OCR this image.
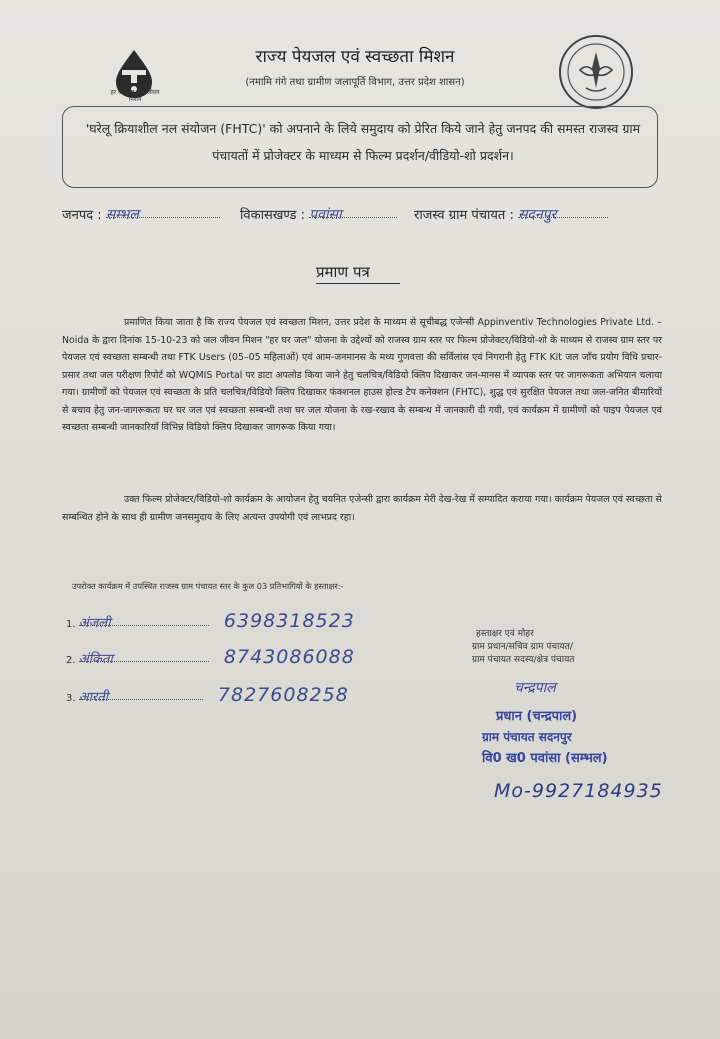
हर घर जल जल जीवन मिशन
राज्य पेयजल एवं स्वच्छता मिशन
(नमामि गंगे तथा ग्रामीण जलापूर्ति विभाग, उत्तर प्रदेश शासन)
'घरेलू क्रियाशील नल संयोजन (FHTC)' को अपनाने के लिये समुदाय को प्रेरित किये जाने हेतु जनपद की समस्त राजस्व ग्राम पंचायतों में प्रोजेक्टर के माध्यम से फिल्म प्रदर्शन/वीडियो-शो प्रदर्शन।
जनपद : सम्भल	विकासखण्ड : पवांसा	राजस्व ग्राम पंचायत : सदनपुर
प्रमाण पत्र
प्रमाणित किया जाता है कि राज्य पेयजल एवं स्वच्छता मिशन, उत्तर प्रदेश के माध्यम से सूचीबद्ध एजेन्सी Appinventiv Technologies Private Ltd. – Noida के द्वारा दिनांक 15-10-23 को जल जीवन मिशन "हर घर जल" योजना के उद्देश्यों को राजस्व ग्राम स्तर पर फिल्म प्रोजेक्टर/विडियो-शो के माध्यम से राजस्व ग्राम स्तर पर पेयजल एवं स्वच्छता सम्बन्धी तथा FTK Users (05–05 महिलाओं) एवं आम-जनमानस के मध्य गुणवत्ता की सर्विलांस एवं निगरानी हेतु FTK Kit जल जाँच प्रयोग विधि प्रचार-प्रसार तथा जल परीक्षण रिपोर्ट को WQMIS Portal पर डाटा अपलोड किया जाने हेतु चलचित्र/विडियो क्लिप दिखाकर जन-मानस में व्यापक स्तर पर जागरूकता अभियान चलाया गया। ग्रामीणों को पेयजल एवं स्वच्छता के प्रति चलचित्र/विडियो क्लिप दिखाकर फंक्शनल हाउस होल्ड टैप कनेक्शन (FHTC), शुद्ध एवं सुरक्षित पेयजल तथा जल-जनित बीमारियों से बचाव हेतु जन-जागरूकता घर घर जल एवं स्वच्छता सम्बन्धी तथा घर जल योजना के रख-रखाव के सम्बन्ध में जानकारी दी गयी, एवं कार्यक्रम में ग्रामीणों को पाइप पेयजल एवं स्वच्छता सम्बन्धी जानकारियाँ विभिन्न विडियो क्लिप दिखाकर जागरूक किया गया।
उक्त फिल्म प्रोजेक्टर/विडियो-शो कार्यक्रम के आयोजन हेतु चयनित एजेन्सी द्वारा कार्यक्रम मेरी देख-रेख में सम्पादित कराया गया। कार्यक्रम पेयजल एवं स्वच्छता से सम्बन्धित होने के साथ ही ग्रामीण जनसमुदाय के लिए अत्यन्त उपयोगी एवं लाभप्रद रहा।
उपरोक्त कार्यक्रम में उपस्थित राजस्व ग्राम पंचायत स्तर के कुल 03 प्रतिभागियों के हस्ताक्षर:-
1. अंजली	6398318523
2. अंकिता	8743086088
3. आरती	7827608258
हस्ताक्षर एवं मोहर
ग्राम प्रधान/सचिव ग्राम पंचायत/
ग्राम पंचायत सदस्य/क्षेत्र पंचायत
चन्द्रपाल
प्रधान (चन्द्रपाल)
ग्राम पंचायत सदनपुर
वि0 ख0 पवांसा (सम्भल)
Mo-9927184935
